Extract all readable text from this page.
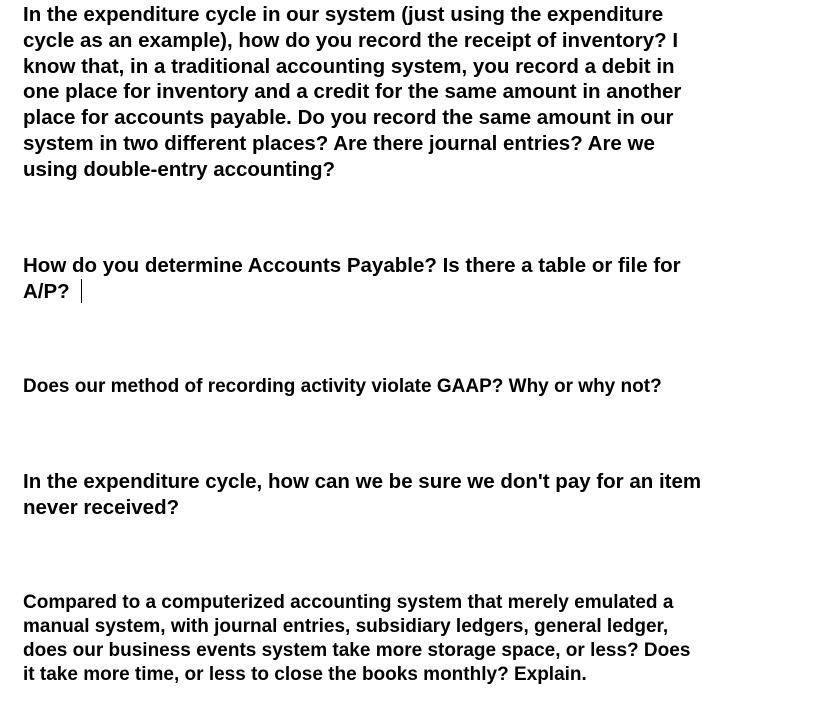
In the expenditure cycle in our system (just using the expenditure
cycle as an example), how do you record the receipt of inventory? I
know that, in a traditional accounting system, you record a debit in
one place for inventory and a credit for the same amount in another
place for accounts payable. Do you record the same amount in our
system in two different places? Are there journal entries? Are we
using double-entry accounting?

How do you determine Accounts Payable? Is there a table or file for
A/P?

Does our method of recording activity violate GAAP? Why or why not?

In the expenditure cycle, how can we be sure we don't pay for an item
never received?

Compared to a computerized accounting system that merely emulated a
manual system, with journal entries, subsidiary ledgers, general ledger,
does our business events system take more storage space, or less? Does
it take more time, or less to close the books monthly? Explain.
